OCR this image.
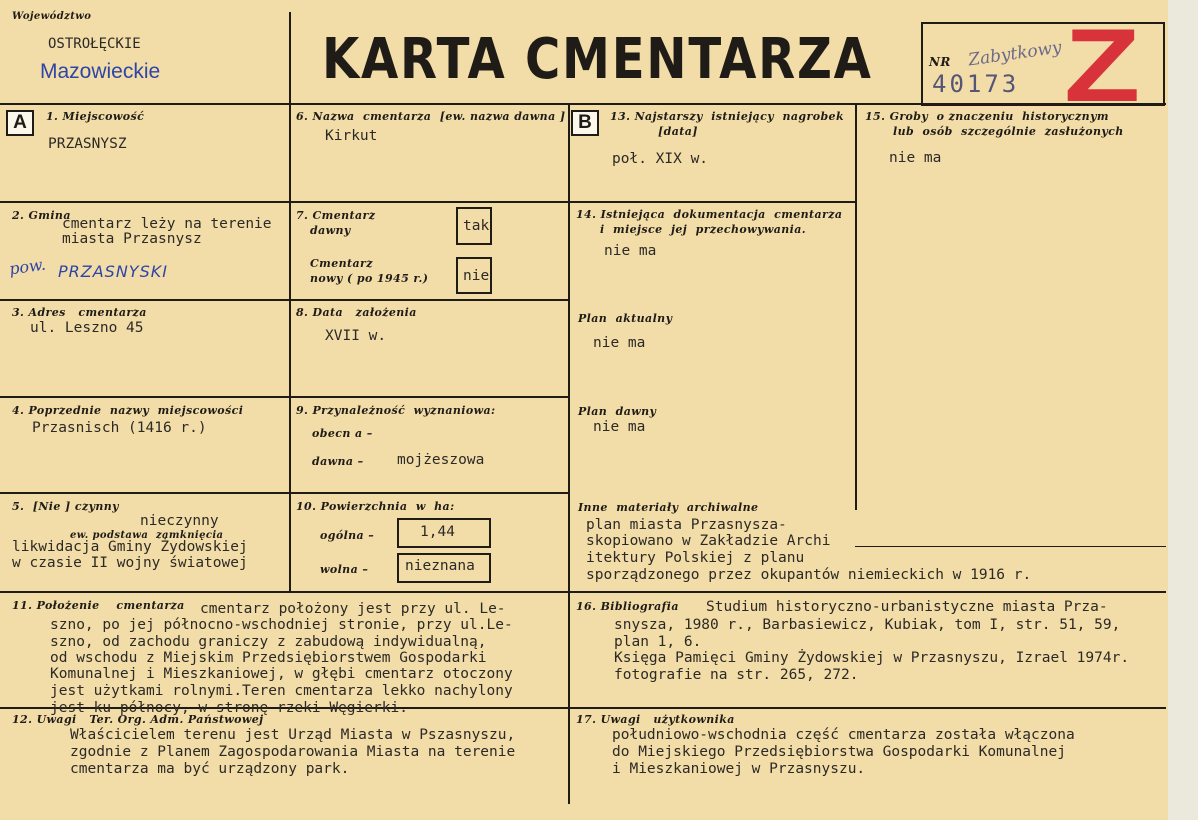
Województwo
OSTROŁĘCKIE
Mazowieckie	KARTA CMENTARZA	NR Zabytkowy
40173 Z
A	B
1. Miejscowość
PRZASNYSZ
2. Gmina
cmentarz leży na terenie
miasta Przasnysz
pow. PRZASNYSKI
3. Adres   cmentarza
ul. Leszno 45
4. Poprzednie  nazwy  miejscowości
Przasnisch (1416 r.)
5.  [Nie ] czynny
nieczynny
ew. podstawa  zamknięcia
likwidacja Gminy Żydowskiej
w czasie II wojny światowej
6. Nazwa  cmentarza  [ew. nazwa dawna ]
Kirkut
7. Cmentarz
dawny	tak
Cmentarz
nowy ( po 1945 r.) nie
8. Data   założenia
XVII w.
9. Przynależność  wyznaniowa:
obecn a –
dawna – mojżeszowa
10. Powierzchnia  w  ha:
ogólna –	1,44
wolna –	nieznana
13. Najstarszy  istniejący  nagrobek
[data]
poł. XIX w.
14. Istniejąca  dokumentacja  cmentarza
i  miejsce  jej  przechowywania.
nie ma
Plan  aktualny
nie ma
Plan  dawny
nie ma
Inne  materiały  archiwalne
plan miasta Przasnysza-
skopiowano w Zakładzie Archi
itektury Polskiej z planu
sporządzonego przez okupantów niemieckich w 1916 r.
15. Groby  o znaczeniu  historycznym
lub  osób  szczególnie  zasłużonych
nie ma
11. Położenie    cmentarza cmentarz położony jest przy ul. Le-
szno, po jej północno-wschodniej stronie, przy ul.Le-
szno, od zachodu graniczy z zabudową indywidualną,
od wschodu z Miejskim Przedsiębiorstwem Gospodarki
Komunalnej i Mieszkaniowej, w głębi cmentarz otoczony
jest użytkami rolnymi.Teren cmentarza lekko nachylony
jest ku północy, w stronę rzeki Węgierki.
12. Uwagi   Ter. Org. Adm. Państwowej
Właścicielem terenu jest Urząd Miasta w Pszasnyszu,
zgodnie z Planem Zagospodarowania Miasta na terenie
cmentarza ma być urządzony park.
16. Bibliografia Studium historyczno-urbanistyczne miasta Prza-
snysza, 1980 r., Barbasiewicz, Kubiak, tom I, str. 51, 59,
plan 1, 6.
Księga Pamięci Gminy Żydowskiej w Przasnyszu, Izrael 1974r.
fotografie na str. 265, 272.
17. Uwagi   użytkownika
południowo-wschodnia część cmentarza została włączona
do Miejskiego Przedsiębiorstwa Gospodarki Komunalnej
i Mieszkaniowej w Przasnyszu.
